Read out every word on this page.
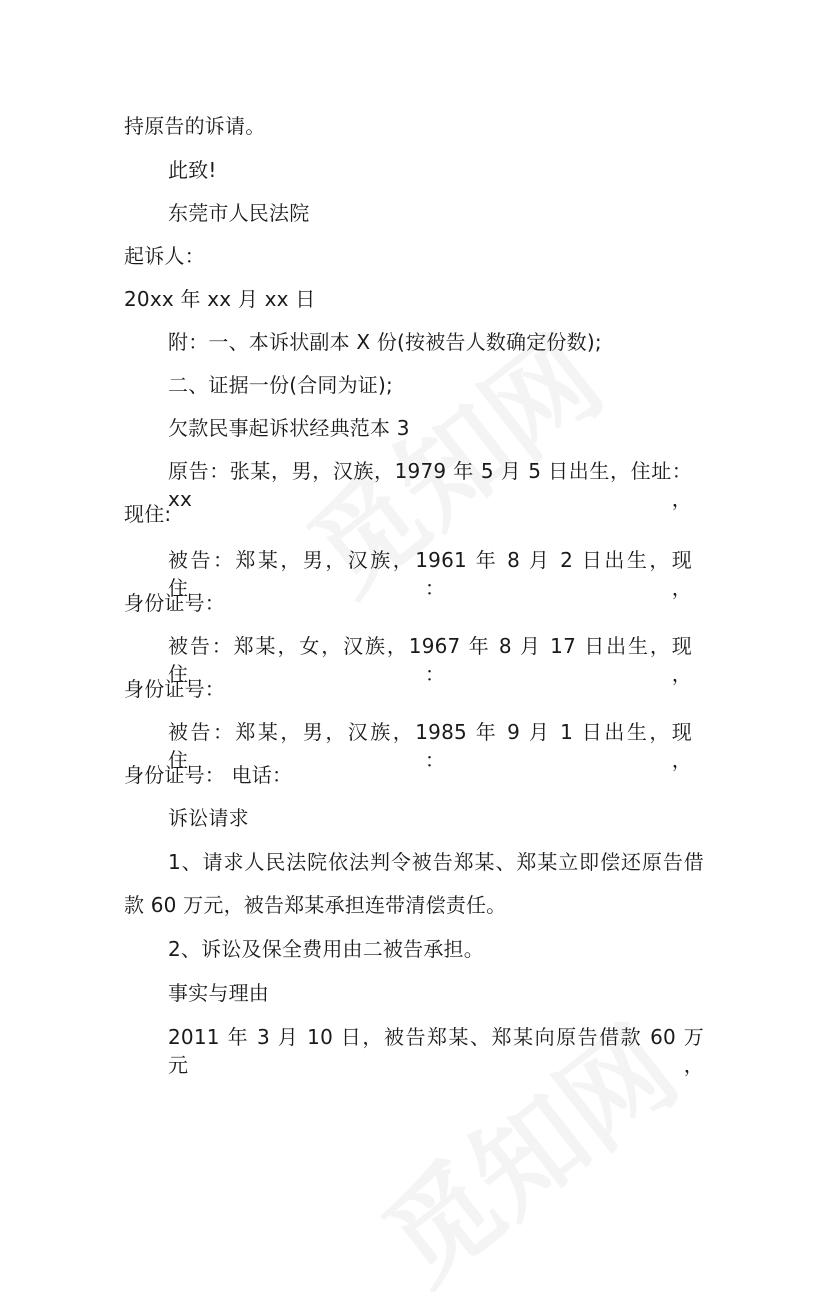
持原告的诉请。
此致!
东莞市人民法院
起诉人：
20xx 年 xx 月 xx 日
附：一、本诉状副本 X 份(按被告人数确定份数);
二、证据一份(合同为证);
欠款民事起诉状经典范本 3
原告：张某，男，汉族，1979 年 5 月 5 日出生，住址： xx，
现住:
被告：郑某，男，汉族，1961 年 8 月 2 日出生，现住：，
身份证号：
被告：郑某，女，汉族，1967 年 8 月 17 日出生，现住：，
身份证号：
被告：郑某，男，汉族，1985 年 9 月 1 日出生，现住：，
身份证号： 电话：
诉讼请求
1、请求人民法院依法判令被告郑某、郑某立即偿还原告借
款 60 万元，被告郑某承担连带清偿责任。
2、诉讼及保全费用由二被告承担。
事实与理由
2011 年 3 月 10 日，被告郑某、郑某向原告借款 60 万元，
